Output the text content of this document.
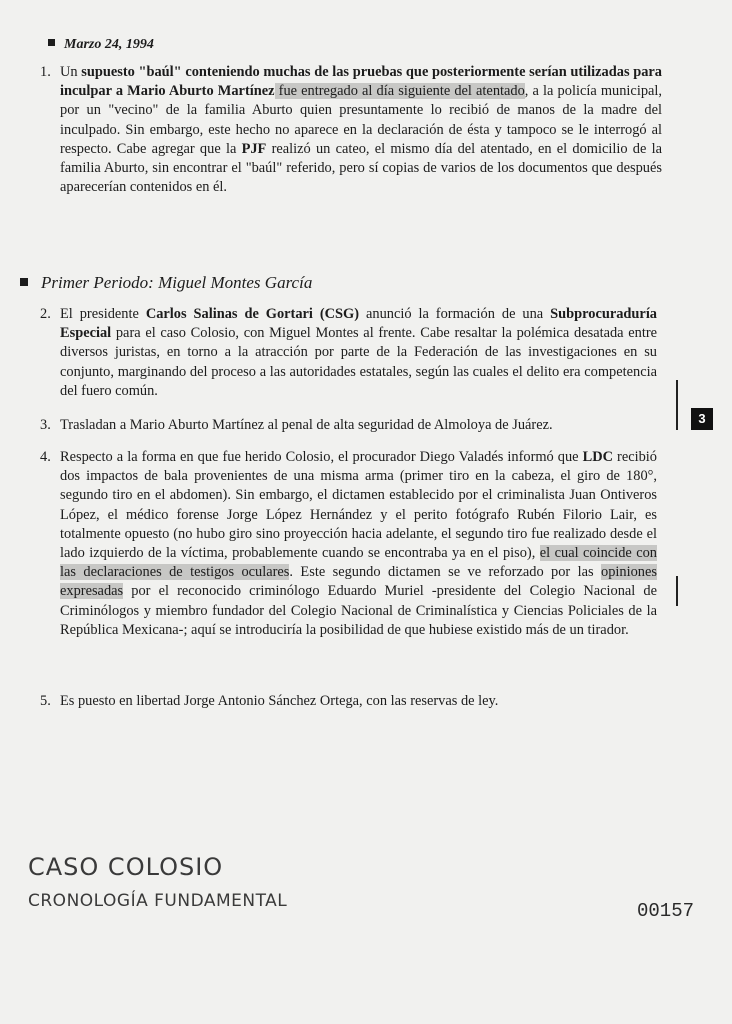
Marzo 24, 1994
1. Un supuesto "baúl" conteniendo muchas de las pruebas que posteriormente serían utilizadas para inculpar a Mario Aburto Martínez fue entregado al día siguiente del atentado, a la policía municipal, por un "vecino" de la familia Aburto quien presuntamente lo recibió de manos de la madre del inculpado. Sin embargo, este hecho no aparece en la declaración de ésta y tampoco se le interrogó al respecto. Cabe agregar que la PJF realizó un cateo, el mismo día del atentado, en el domicilio de la familia Aburto, sin encontrar el "baúl" referido, pero sí copias de varios de los documentos que después aparecerían contenidos en él.
Primer Periodo: Miguel Montes García
2. El presidente Carlos Salinas de Gortari (CSG) anunció la formación de una Subprocuraduría Especial para el caso Colosio, con Miguel Montes al frente. Cabe resaltar la polémica desatada entre diversos juristas, en torno a la atracción por parte de la Federación de las investigaciones en su conjunto, marginando del proceso a las autoridades estatales, según las cuales el delito era competencia del fuero común.
3. Trasladan a Mario Aburto Martínez al penal de alta seguridad de Almoloya de Juárez.
4. Respecto a la forma en que fue herido Colosio, el procurador Diego Valadés informó que LDC recibió dos impactos de bala provenientes de una misma arma (primer tiro en la cabeza, el giro de 180°, segundo tiro en el abdomen). Sin embargo, el dictamen establecido por el criminalista Juan Ontiveros López, el médico forense Jorge López Hernández y el perito fotógrafo Rubén Filorio Lair, es totalmente opuesto (no hubo giro sino proyección hacia adelante, el segundo tiro fue realizado desde el lado izquierdo de la víctima, probablemente cuando se encontraba ya en el piso), el cual coincide con las declaraciones de testigos oculares. Este segundo dictamen se ve reforzado por las opiniones expresadas por el reconocido criminólogo Eduardo Muriel -presidente del Colegio Nacional de Criminólogos y miembro fundador del Colegio Nacional de Criminalística y Ciencias Policiales de la República Mexicana-; aquí se introduciría la posibilidad de que hubiese existido más de un tirador.
5. Es puesto en libertad Jorge Antonio Sánchez Ortega, con las reservas de ley.
3
CASO COLOSIO
CRONOLOGÍA FUNDAMENTAL	00157
